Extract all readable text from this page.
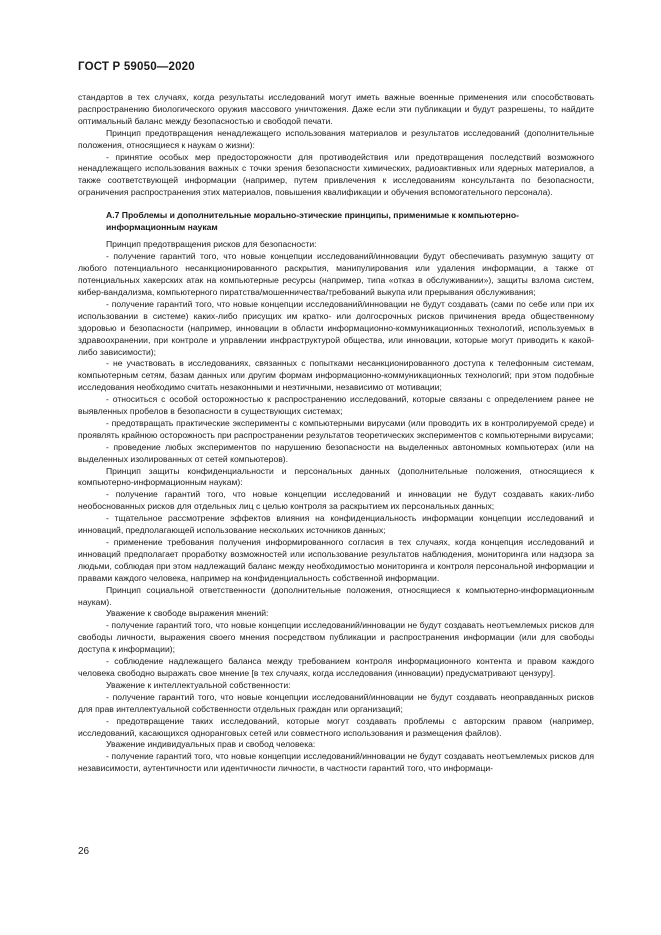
ГОСТ Р 59050—2020

стандартов в тех случаях, когда результаты исследований могут иметь важные военные применения или способствовать распространению биологического оружия массового уничтожения. Даже если эти публикации и будут разрешены, то найдите оптимальный баланс между безопасностью и свободой печати.

Принцип предотвращения ненадлежащего использования материалов и результатов исследований (дополнительные положения, относящиеся к наукам о жизни):

- принятие особых мер предосторожности для противодействия или предотвращения последствий возможного ненадлежащего использования важных с точки зрения безопасности химических, радиоактивных или ядерных материалов, а также соответствующей информации (например, путем привлечения к исследованиям консультанта по безопасности, ограничения распространения этих материалов, повышения квалификации и обучения вспомогательного персонала).

А.7 Проблемы и дополнительные морально-этические принципы, применимые к компьютерно-информационным наукам

Принцип предотвращения рисков для безопасности:

- получение гарантий того, что новые концепции исследований/инновации будут обеспечивать разумную защиту от любого потенциального несанкционированного раскрытия, манипулирования или удаления информации, а также от потенциальных хакерских атак на компьютерные ресурсы (например, типа «отказ в обслуживании»), защиты взлома систем, кибер-вандализма, компьютерного пиратства/мошенничества/требований выкупа или прерывания обслуживания;

- получение гарантий того, что новые концепции исследований/инновации не будут создавать (сами по себе или при их использовании в системе) каких-либо присущих им кратко- или долгосрочных рисков причинения вреда общественному здоровью и безопасности (например, инновации в области информационно-коммуникационных технологий, используемых в здравоохранении, при контроле и управлении инфраструктурой общества, или инновации, которые могут приводить к какой-либо зависимости);

- не участвовать в исследованиях, связанных с попытками несанкционированного доступа к телефонным системам, компьютерным сетям, базам данных или другим формам информационно-коммуникационных технологий; при этом подобные исследования необходимо считать незаконными и неэтичными, независимо от мотивации;

- относиться с особой осторожностью к распространению исследований, которые связаны с определением ранее не выявленных пробелов в безопасности в существующих системах;

- предотвращать практические эксперименты с компьютерными вирусами (или проводить их в контролируемой среде) и проявлять крайнюю осторожность при распространении результатов теоретических экспериментов с компьютерными вирусами;

- проведение любых экспериментов по нарушению безопасности на выделенных автономных компьютерах (или на выделенных изолированных от сетей компьютеров).

Принцип защиты конфиденциальности и персональных данных (дополнительные положения, относящиеся к компьютерно-информационным наукам):

- получение гарантий того, что новые концепции исследований и инновации не будут создавать каких-либо необоснованных рисков для отдельных лиц с целью контроля за раскрытием их персональных данных;

- тщательное рассмотрение эффектов влияния на конфиденциальность информации концепции исследований и инноваций, предполагающей использование нескольких источников данных;

- применение требования получения информированного согласия в тех случаях, когда концепция исследований и инноваций предполагает проработку возможностей или использование результатов наблюдения, мониторинга или надзора за людьми, соблюдая при этом надлежащий баланс между необходимостью мониторинга и контроля персональной информации и правами каждого человека, например на конфиденциальность собственной информации.

Принцип социальной ответственности (дополнительные положения, относящиеся к компьютерно-информационным наукам).

Уважение к свободе выражения мнений:

- получение гарантий того, что новые концепции исследований/инновации не будут создавать неотъемлемых рисков для свободы личности, выражения своего мнения посредством публикации и распространения информации (или для свободы доступа к информации);

- соблюдение надлежащего баланса между требованием контроля информационного контента и правом каждого человека свободно выражать свое мнение [в тех случаях, когда исследования (инновации) предусматривают цензуру].

Уважение к интеллектуальной собственности:

- получение гарантий того, что новые концепции исследований/инновации не будут создавать неоправданных рисков для прав интеллектуальной собственности отдельных граждан или организаций;

- предотвращение таких исследований, которые могут создавать проблемы с авторским правом (например, исследований, касающихся одноранговых сетей или совместного использования и размещения файлов).

Уважение индивидуальных прав и свобод человека:

- получение гарантий того, что новые концепции исследований/инновации не будут создавать неотъемлемых рисков для независимости, аутентичности или идентичности личности, в частности гарантий того, что информаци-

26
